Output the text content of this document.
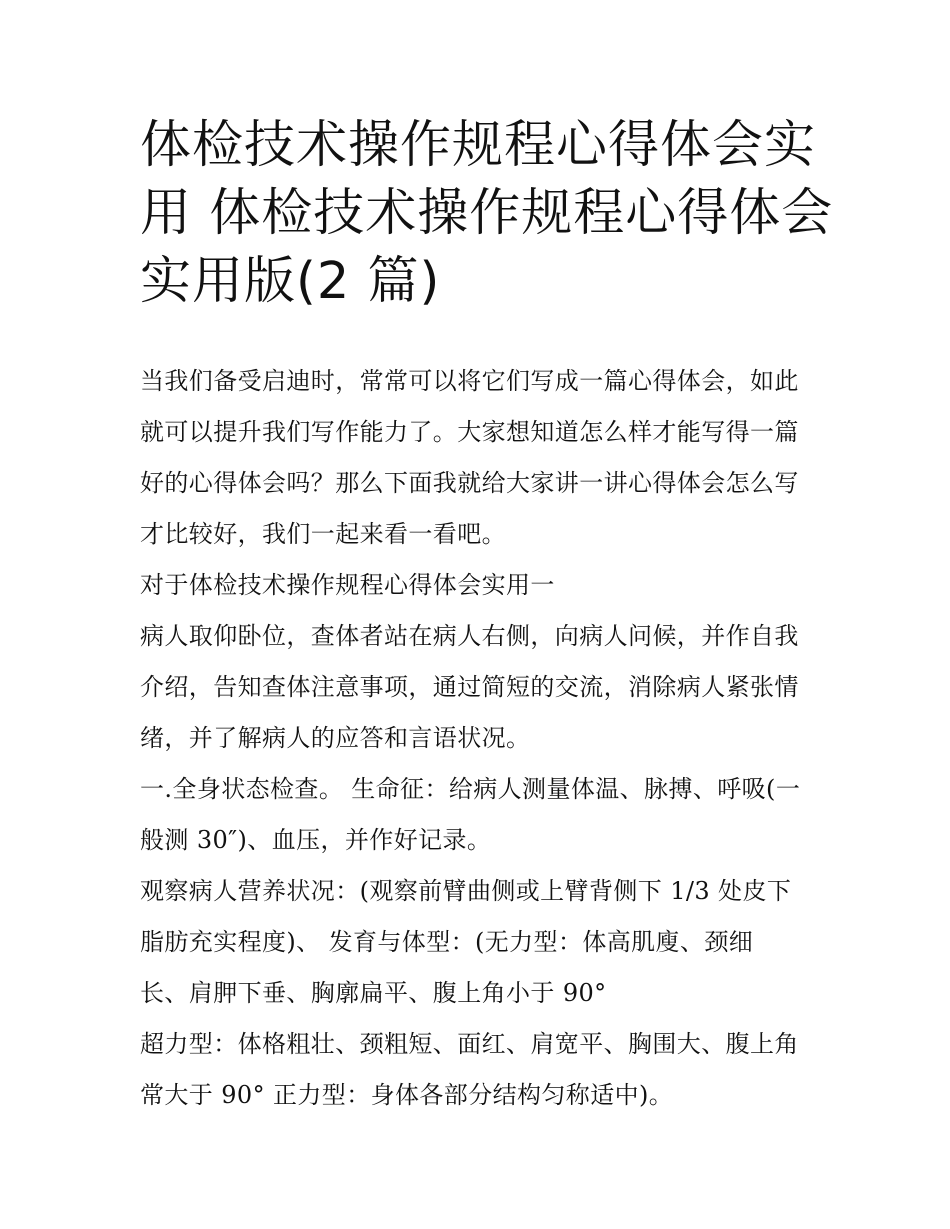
体检技术操作规程心得体会实
用 体检技术操作规程心得体会
实用版(2 篇)
当我们备受启迪时，常常可以将它们写成一篇心得体会，如此
就可以提升我们写作能力了。大家想知道怎么样才能写得一篇
好的心得体会吗？那么下面我就给大家讲一讲心得体会怎么写
才比较好，我们一起来看一看吧。
对于体检技术操作规程心得体会实用一
病人取仰卧位，查体者站在病人右侧，向病人问候，并作自我
介绍，告知查体注意事项，通过简短的交流，消除病人紧张情
绪，并了解病人的应答和言语状况。
一.全身状态检查。 生命征：给病人测量体温、脉搏、呼吸(一
般测 30″)、血压，并作好记录。
观察病人营养状况：(观察前臂曲侧或上臂背侧下 1/3 处皮下
脂肪充实程度)、 发育与体型：(无力型：体高肌廋、颈细
长、肩胛下垂、胸廓扁平、腹上角小于 90°
超力型：体格粗壮、颈粗短、面红、肩宽平、胸围大、腹上角
常大于 90° 正力型：身体各部分结构匀称适中)。
